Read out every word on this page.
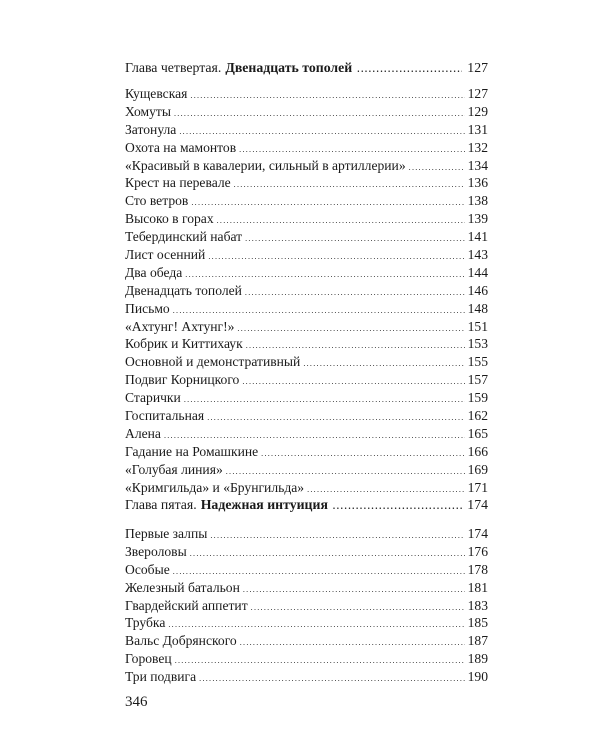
Глава четвертая. Двенадцать тополей .....	127
Кущевская .....	127
Хомуты .....	129
Затонула .....	131
Охота на мамонтов .....	132
«Красивый в кавалерии, сильный в артиллерии» .....	134
Крест на перевале .....	136
Сто ветров .....	138
Высоко в горах .....	139
Тебердинский набат .....	141
Лист осенний .....	143
Два обеда .....	144
Двенадцать тополей .....	146
Письмо .....	148
«Ахтунг! Ахтунг!» .....	151
Кобрик и Киттихаук .....	153
Основной и демонстративный .....	155
Подвиг Корницкого .....	157
Старички .....	159
Госпитальная .....	162
Алена .....	165
Гадание на Ромашкине .....	166
«Голубая линия» .....	169
«Кримгильда» и «Брунгильда» .....	171
Глава пятая. Надежная интуиция .....	174
Первые залпы .....	174
Звероловы .....	176
Особые .....	178
Железный батальон .....	181
Гвардейский аппетит .....	183
Трубка .....	185
Вальс Добрянского .....	187
Горовец .....	189
Три подвига .....	190
346
